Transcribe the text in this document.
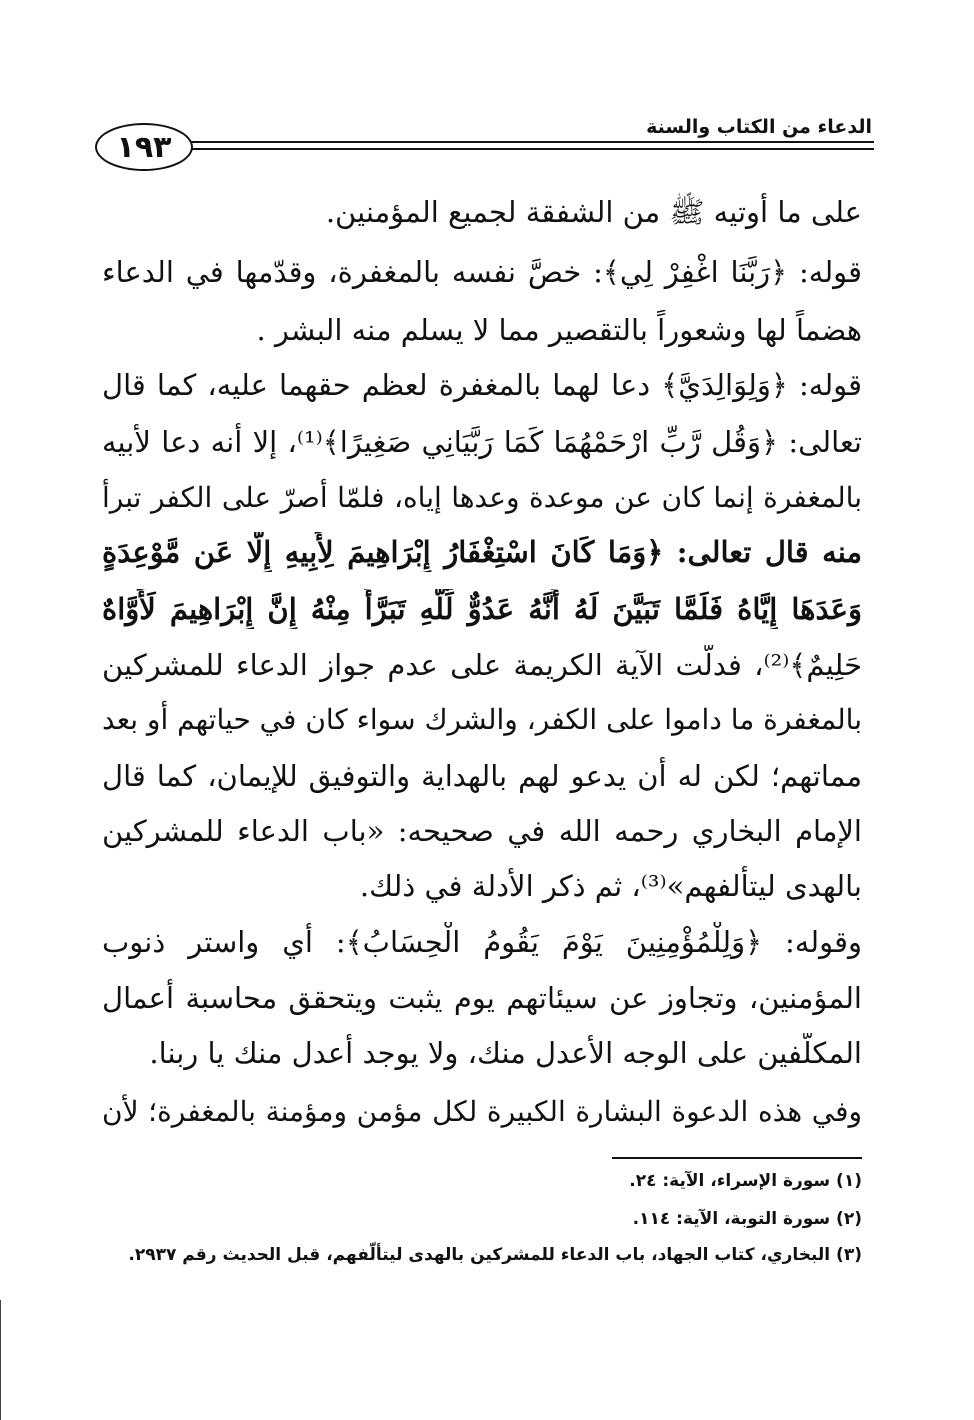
الدعاء من الكتاب والسنة
١٩٣
على ما أوتيه ﷺ من الشفقة لجميع المؤمنين.
قوله: ﴿رَبَّنَا اغْفِرْ لِي﴾: خصَّ نفسه بالمغفرة، وقدّمها في الدعاء
هضماً لها وشعوراً بالتقصير مما لا يسلم منه البشر .
قوله: ﴿وَلِوَالِدَيَّ﴾ دعا لهما بالمغفرة لعظم حقهما عليه، كما قال
تعالى: ﴿وَقُل رَّبِّ ارْحَمْهُمَا كَمَا رَبَّيَانِي صَغِيرًا﴾⁽¹⁾، إلا أنه دعا لأبيه
بالمغفرة إنما كان عن موعدة وعدها إياه، فلمّا أصرّ على الكفر تبرأ
منه قال تعالى: ﴿وَمَا كَانَ اسْتِغْفَارُ إِبْرَاهِيمَ لِأَبِيهِ إِلَّا عَن مَّوْعِدَةٍ
وَعَدَهَا إِيَّاهُ فَلَمَّا تَبَيَّنَ لَهُ أَنَّهُ عَدُوٌّ لِّلَّهِ تَبَرَّأَ مِنْهُ إِنَّ إِبْرَاهِيمَ لَأَوَّاهٌ
حَلِيمٌ﴾⁽²⁾، فدلّت الآية الكريمة على عدم جواز الدعاء للمشركين
بالمغفرة ما داموا على الكفر، والشرك سواء كان في حياتهم أو بعد
مماتهم؛ لكن له أن يدعو لهم بالهداية والتوفيق للإيمان، كما قال
الإمام البخاري رحمه الله في صحيحه: «باب الدعاء للمشركين
بالهدى ليتألفهم»⁽³⁾، ثم ذكر الأدلة في ذلك.
وقوله: ﴿وَلِلْمُؤْمِنِينَ يَوْمَ يَقُومُ الْحِسَابُ﴾: أي واستر ذنوب
المؤمنين، وتجاوز عن سيئاتهم يوم يثبت ويتحقق محاسبة أعمال
المكلّفين على الوجه الأعدل منك، ولا يوجد أعدل منك يا ربنا.
وفي هذه الدعوة البشارة الكبيرة لكل مؤمن ومؤمنة بالمغفرة؛ لأن
(١) سورة الإسراء، الآية: ٢٤.
(٢) سورة التوبة، الآية: ١١٤.
(٣) البخاري، كتاب الجهاد، باب الدعاء للمشركين بالهدى ليتألّفهم، قبل الحديث رقم ٢٩٣٧.
